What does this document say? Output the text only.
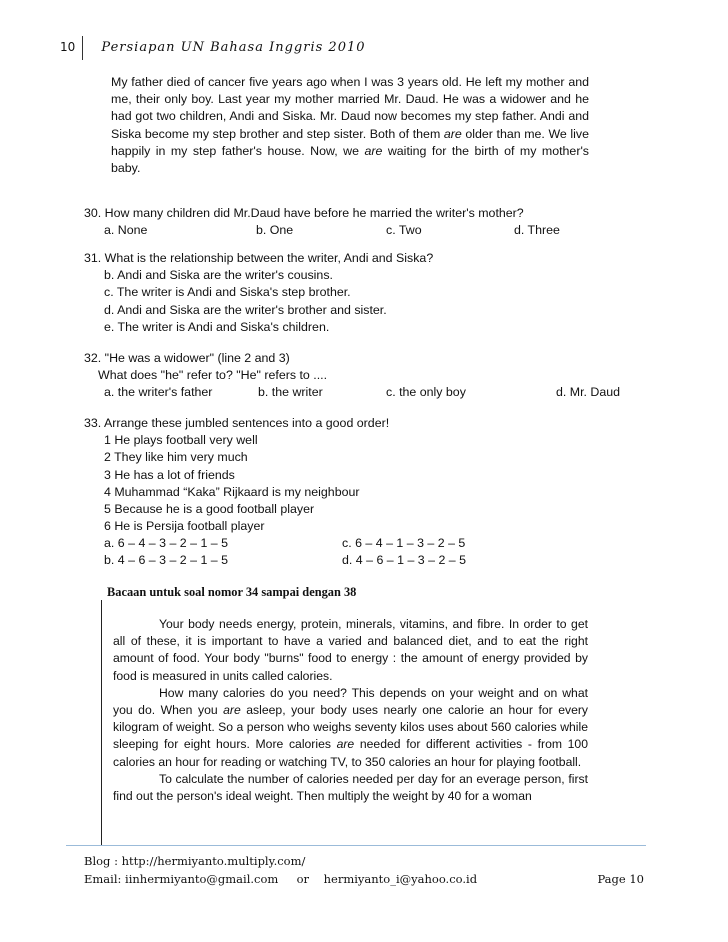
10 Persiapan UN Bahasa Inggris 2010

My father died of cancer five years ago when I was 3 years old. He left my mother and me, their only boy. Last year my mother married Mr. Daud. He was a widower and he had got two children, Andi and Siska. Mr. Daud now becomes my step father. Andi and Siska become my step brother and step sister. Both of them are older than me. We live happily in my step father's house. Now, we are waiting for the birth of my mother's baby.

30. How many children did Mr.Daud have before he married the writer's mother?
a. None	b. One	c. Two	d. Three
31. What is the relationship between the writer, Andi and Siska?
b. Andi and Siska are the writer's cousins.
c. The writer is Andi and Siska's step brother.
d. Andi and Siska are the writer's brother and sister.
e. The writer is Andi and Siska's children.
32. "He was a widower" (line 2 and 3)
What does "he" refer to? "He" refers to ....
a. the writer's father	b. the writer	c. the only boy	d. Mr. Daud
33. Arrange these jumbled sentences into a good order!
1 He plays football very well
2 They like him very much
3 He has a lot of friends
4 Muhammad “Kaka” Rijkaard is my neighbour
5 Because he is a good football player
6 He is Persija football player
a. 6 – 4 – 3 – 2 – 1 – 5	c. 6 – 4 – 1 – 3 – 2 – 5
b. 4 – 6 – 3 – 2 – 1 – 5	d. 4 – 6 – 1 – 3 – 2 – 5
Bacaan untuk soal nomor 34 sampai dengan 38

Your body needs energy, protein, minerals, vitamins, and fibre. In order to get all of these, it is important to have a varied and balanced diet, and to eat the right amount of food. Your body "burns" food to energy : the amount of energy provided by food is measured in units called calories.

How many calories do you need? This depends on your weight and on what you do. When you are asleep, your body uses nearly one calorie an hour for every kilogram of weight. So a person who weighs seventy kilos uses about 560 calories while sleeping for eight hours. More calories are needed for different activities - from 100 calories an hour for reading or watching TV, to 350 calories an hour for playing football.

To calculate the number of calories needed per day for an everage person, first find out the person's ideal weight. Then multiply the weight by 40 for a woman

Blog : http://hermiyanto.multiply.com/
Email: iinhermiyanto@gmail.com     or    hermiyanto_i@yahoo.co.id	Page 10
